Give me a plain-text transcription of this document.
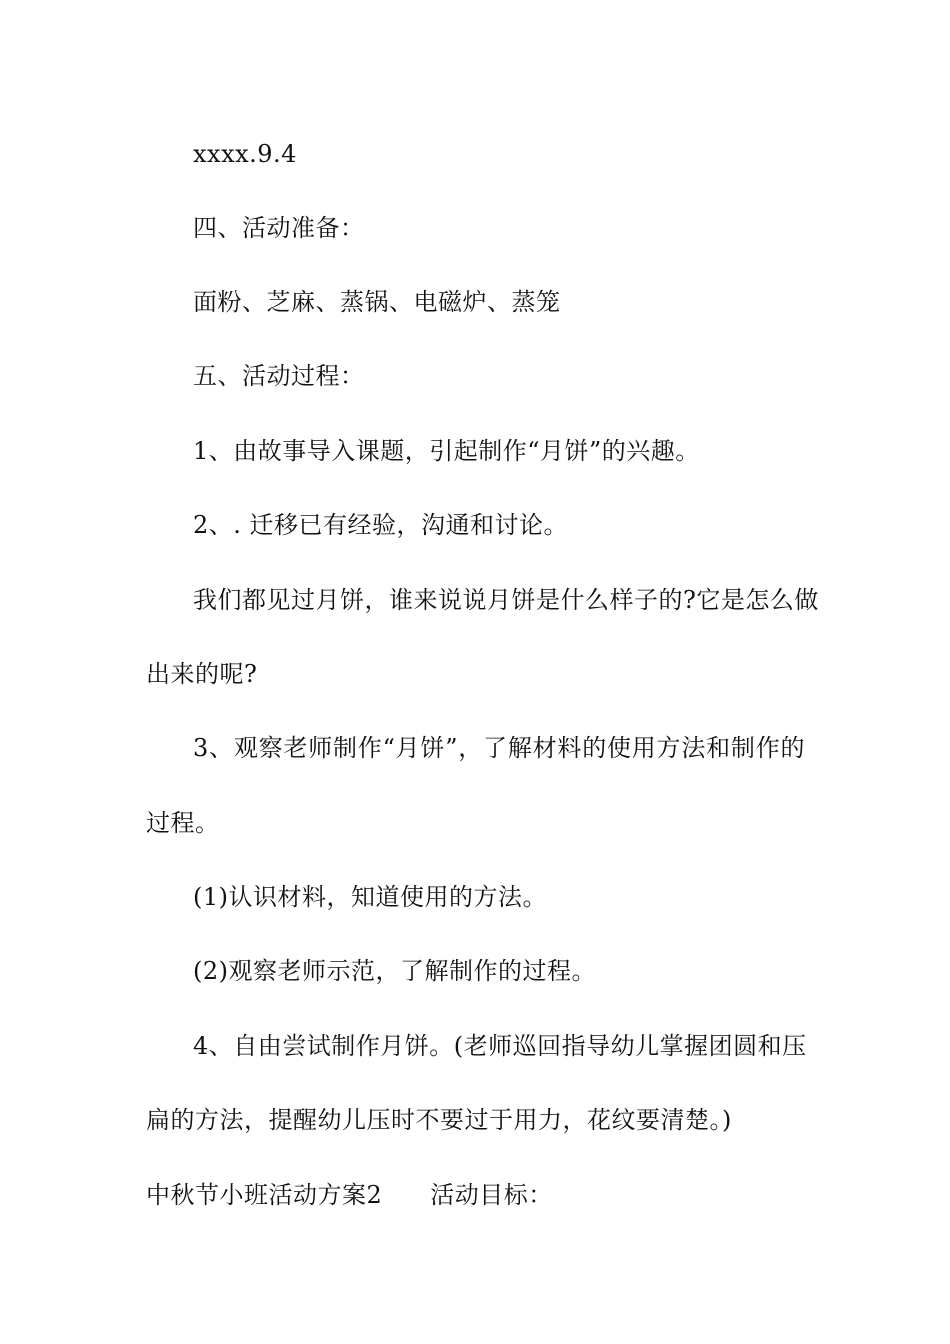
xxxx.9.4
四、活动准备：
面粉、芝麻、蒸锅、电磁炉、蒸笼
五、活动过程：
1、由故事导入课题，引起制作“月饼”的兴趣。
2、. 迁移已有经验，沟通和讨论。
我们都见过月饼，谁来说说月饼是什么样子的?它是怎么做
出来的呢?
3、观察老师制作“月饼”，了解材料的使用方法和制作的
过程。
(1)认识材料，知道使用的方法。
(2)观察老师示范，了解制作的过程。
4、自由尝试制作月饼。(老师巡回指导幼儿掌握团圆和压
扁的方法，提醒幼儿压时不要过于用力，花纹要清楚。)
中秋节小班活动方案2 活动目标：
